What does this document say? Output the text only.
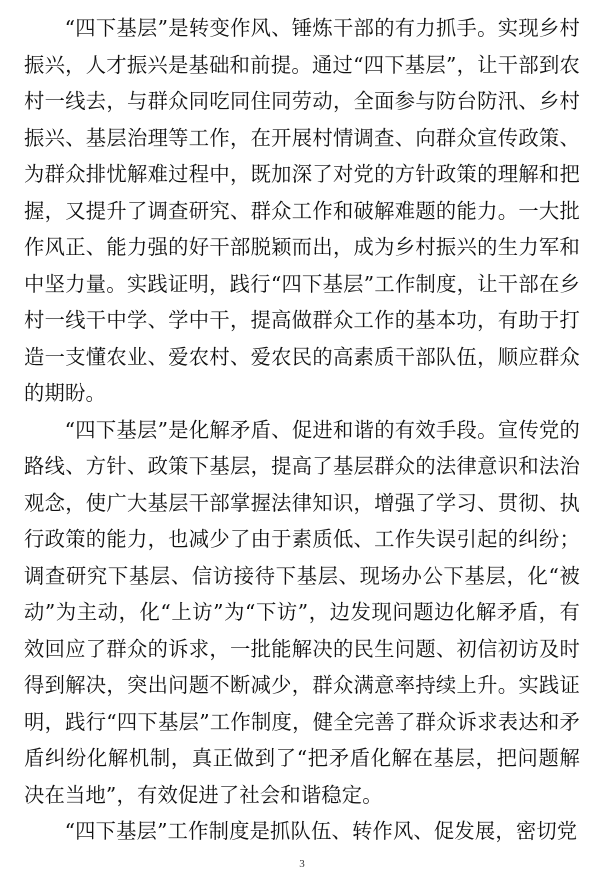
“四下基层”是转变作风、锤炼干部的有力抓手。实现乡村振兴，人才振兴是基础和前提。通过“四下基层”，让干部到农村一线去，与群众同吃同住同劳动，全面参与防台防汛、乡村振兴、基层治理等工作，在开展村情调查、向群众宣传政策、为群众排忧解难过程中，既加深了对党的方针政策的理解和把握，又提升了调查研究、群众工作和破解难题的能力。一大批作风正、能力强的好干部脱颖而出，成为乡村振兴的生力军和中坚力量。实践证明，践行“四下基层”工作制度，让干部在乡村一线干中学、学中干，提高做群众工作的基本功，有助于打造一支懂农业、爱农村、爱农民的高素质干部队伍，顺应群众的期盼。

“四下基层”是化解矛盾、促进和谐的有效手段。宣传党的路线、方针、政策下基层，提高了基层群众的法律意识和法治观念，使广大基层干部掌握法律知识，增强了学习、贯彻、执行政策的能力，也减少了由于素质低、工作失误引起的纠纷；调查研究下基层、信访接待下基层、现场办公下基层，化“被动”为主动，化“上访”为“下访”，边发现问题边化解矛盾，有效回应了群众的诉求，一批能解决的民生问题、初信初访及时得到解决，突出问题不断减少，群众满意率持续上升。实践证明，践行“四下基层”工作制度，健全完善了群众诉求表达和矛盾纠纷化解机制，真正做到了“把矛盾化解在基层，把问题解决在当地”，有效促进了社会和谐稳定。

“四下基层”工作制度是抓队伍、转作风、促发展，密切党

3
